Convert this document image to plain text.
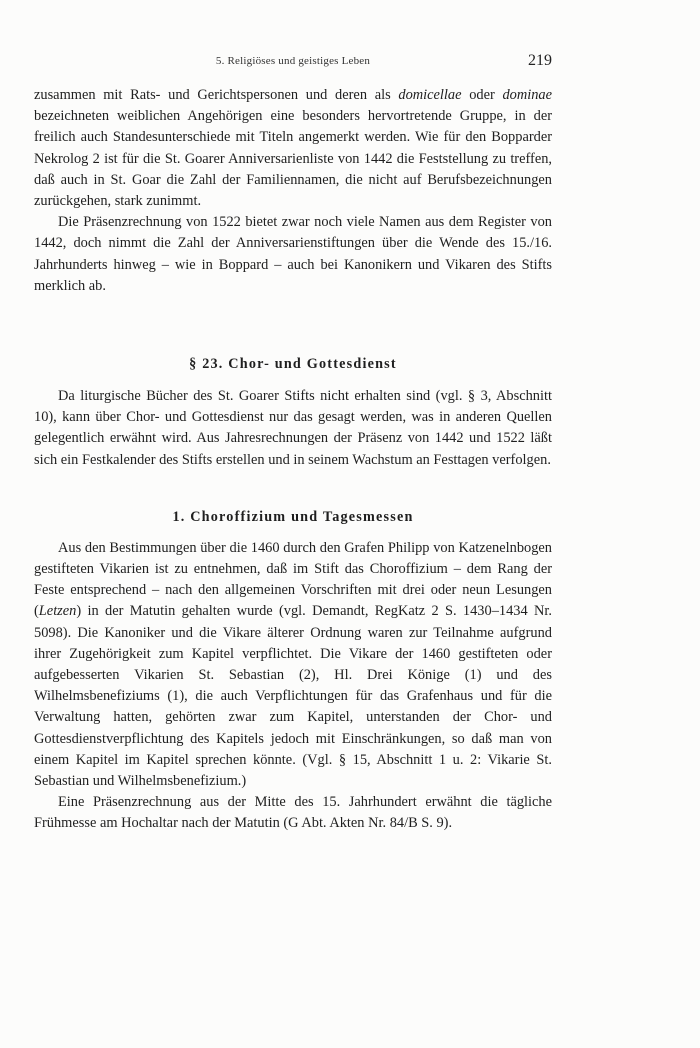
5. Religiöses und geistiges Leben	219

zusammen mit Rats- und Gerichtspersonen und deren als domicellae oder dominae bezeichneten weiblichen Angehörigen eine besonders hervortretende Gruppe, in der freilich auch Standesunterschiede mit Titeln angemerkt werden. Wie für den Bopparder Nekrolog 2 ist für die St. Goarer Anniversarienliste von 1442 die Feststellung zu treffen, daß auch in St. Goar die Zahl der Familiennamen, die nicht auf Berufsbezeichnungen zurückgehen, stark zunimmt.

Die Präsenzrechnung von 1522 bietet zwar noch viele Namen aus dem Register von 1442, doch nimmt die Zahl der Anniversarienstiftungen über die Wende des 15./16. Jahrhunderts hinweg – wie in Boppard – auch bei Kanonikern und Vikaren des Stifts merklich ab.

§ 23. Chor- und Gottesdienst

Da liturgische Bücher des St. Goarer Stifts nicht erhalten sind (vgl. § 3, Abschnitt 10), kann über Chor- und Gottesdienst nur das gesagt werden, was in anderen Quellen gelegentlich erwähnt wird. Aus Jahresrechnungen der Präsenz von 1442 und 1522 läßt sich ein Festkalender des Stifts erstellen und in seinem Wachstum an Festtagen verfolgen.

1. Choroffizium und Tagesmessen

Aus den Bestimmungen über die 1460 durch den Grafen Philipp von Katzenelnbogen gestifteten Vikarien ist zu entnehmen, daß im Stift das Choroffizium – dem Rang der Feste entsprechend – nach den allgemeinen Vorschriften mit drei oder neun Lesungen (Letzen) in der Matutin gehalten wurde (vgl. Demandt, RegKatz 2 S. 1430–1434 Nr. 5098). Die Kanoniker und die Vikare älterer Ordnung waren zur Teilnahme aufgrund ihrer Zugehörigkeit zum Kapitel verpflichtet. Die Vikare der 1460 gestifteten oder aufgebesserten Vikarien St. Sebastian (2), Hl. Drei Könige (1) und des Wilhelmsbenefiziums (1), die auch Verpflichtungen für das Grafenhaus und für die Verwaltung hatten, gehörten zwar zum Kapitel, unterstanden der Chor- und Gottesdienstverpflichtung des Kapitels jedoch mit Einschränkungen, so daß man von einem Kapitel im Kapitel sprechen könnte. (Vgl. § 15, Abschnitt 1 u. 2: Vikarie St. Sebastian und Wilhelmsbenefizium.)

Eine Präsenzrechnung aus der Mitte des 15. Jahrhundert erwähnt die tägliche Frühmesse am Hochaltar nach der Matutin (G Abt. Akten Nr. 84/B S. 9).
